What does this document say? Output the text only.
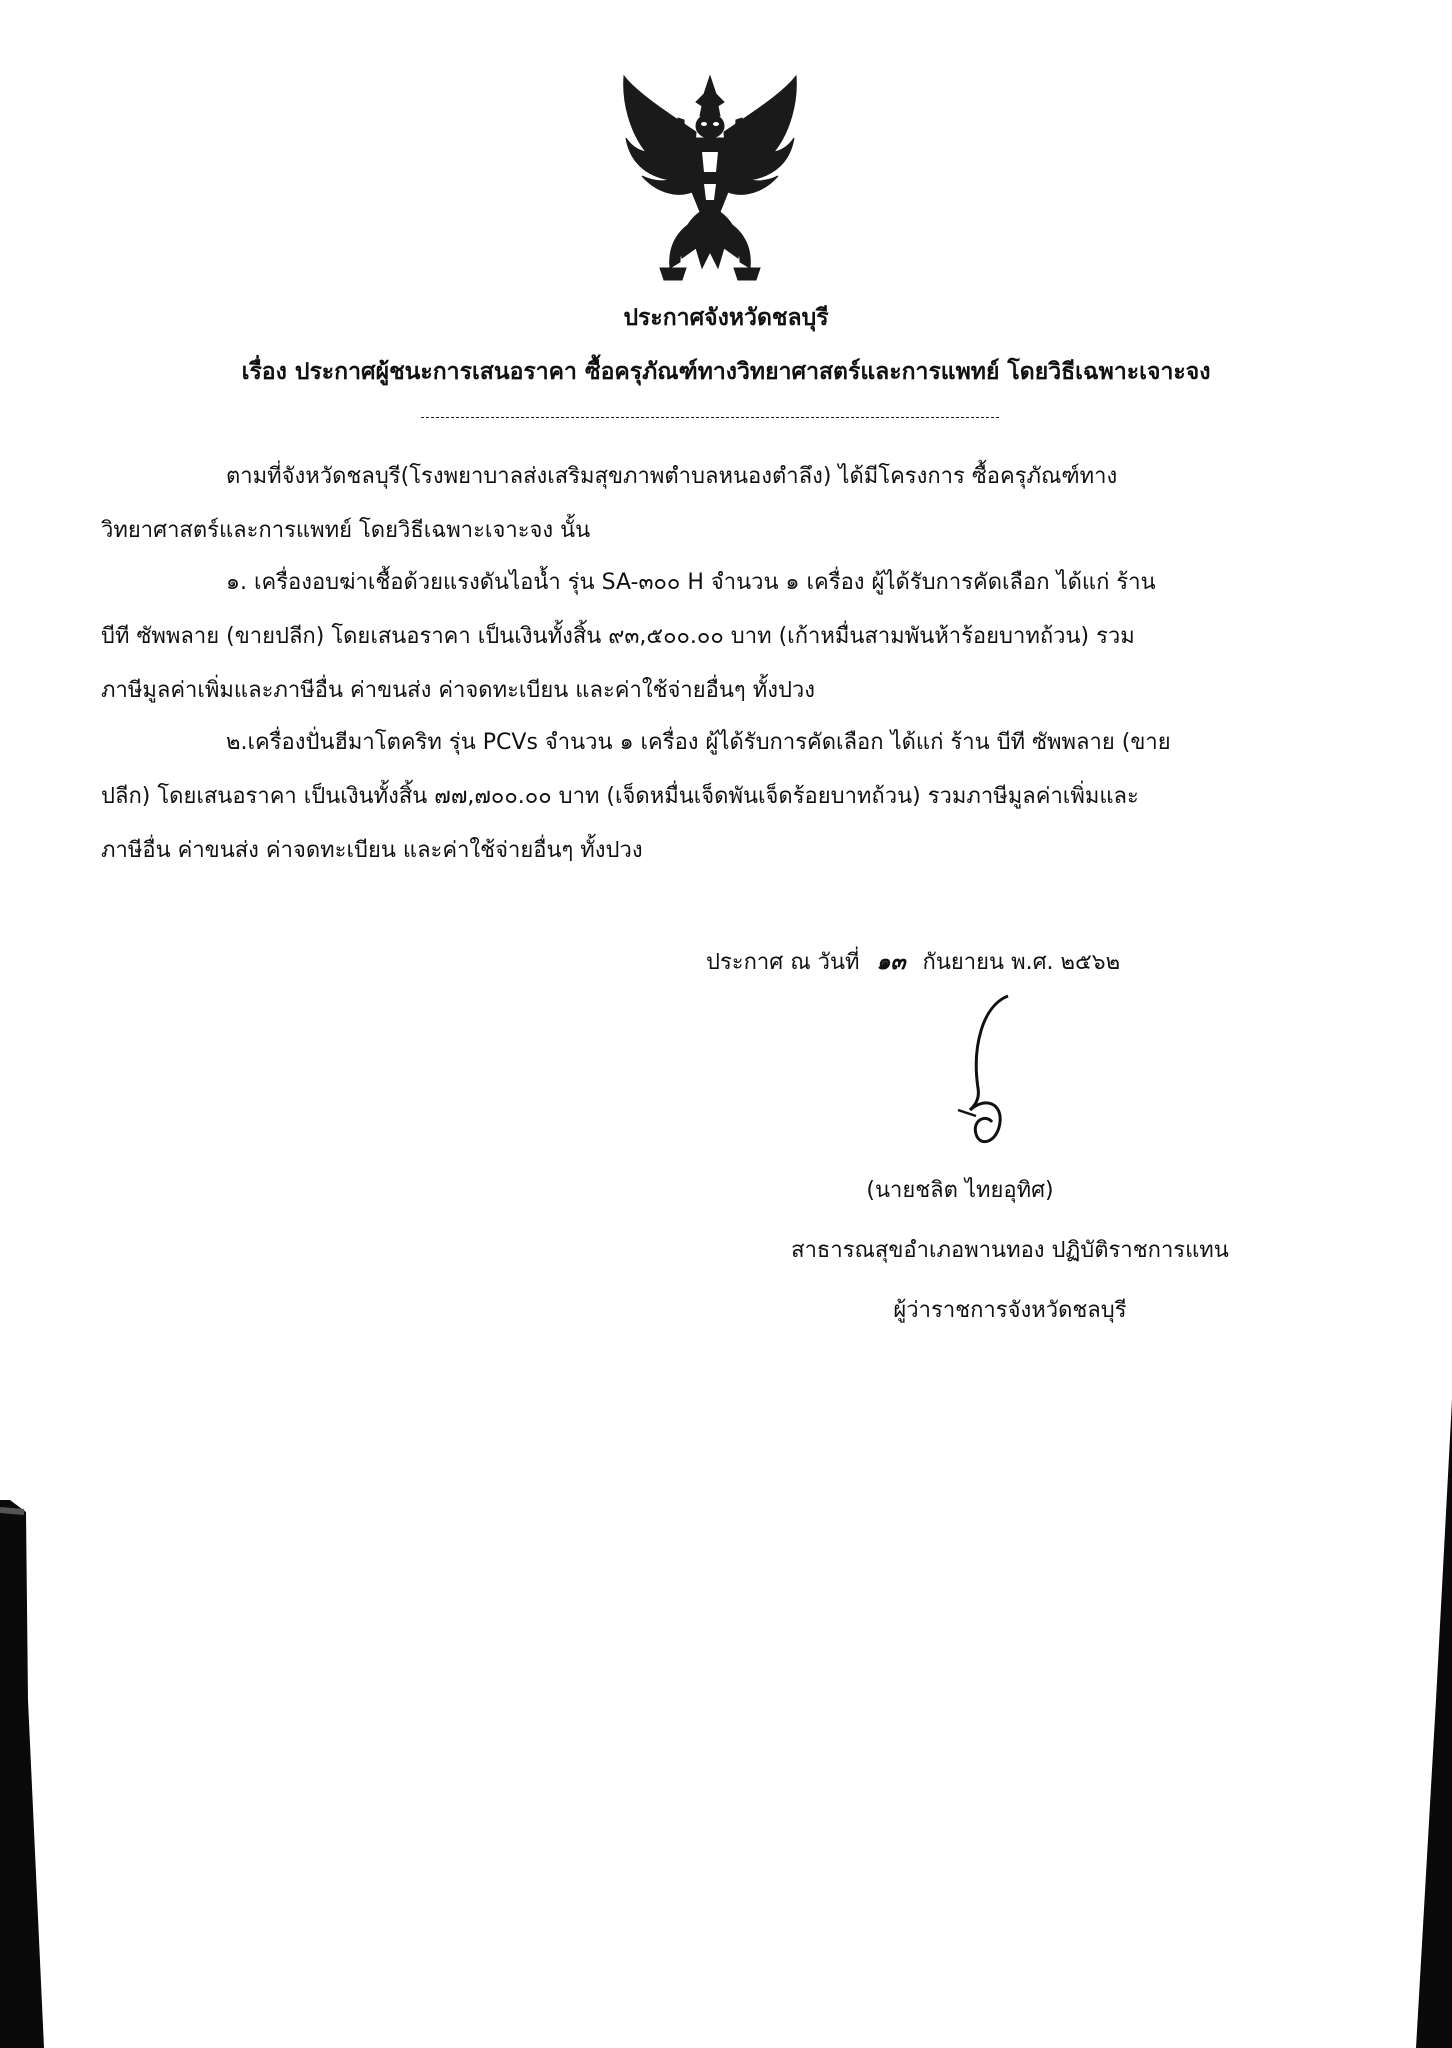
ประกาศจังหวัดชลบุรี
เรื่อง ประกาศผู้ชนะการเสนอราคา ซื้อครุภัณฑ์ทางวิทยาศาสตร์และการแพทย์ โดยวิธีเฉพาะเจาะจง
ตามที่จังหวัดชลบุรี(โรงพยาบาลส่งเสริมสุขภาพตำบลหนองตำลึง) ได้มีโครงการ ซื้อครุภัณฑ์ทาง
วิทยาศาสตร์และการแพทย์ โดยวิธีเฉพาะเจาะจง นั้น
๑. เครื่องอบฆ่าเชื้อด้วยแรงดันไอน้ำ รุ่น SA-๓๐๐ H จำนวน ๑ เครื่อง ผู้ได้รับการคัดเลือก ได้แก่ ร้าน
บีที ซัพพลาย (ขายปลีก) โดยเสนอราคา เป็นเงินทั้งสิ้น ๙๓,๕๐๐.๐๐ บาท (เก้าหมื่นสามพันห้าร้อยบาทถ้วน) รวม
ภาษีมูลค่าเพิ่มและภาษีอื่น ค่าขนส่ง ค่าจดทะเบียน และค่าใช้จ่ายอื่นๆ ทั้งปวง
๒.เครื่องปั่นฮีมาโตคริท รุ่น PCVs จำนวน ๑ เครื่อง ผู้ได้รับการคัดเลือก ได้แก่ ร้าน บีที ซัพพลาย (ขาย
ปลีก) โดยเสนอราคา เป็นเงินทั้งสิ้น ๗๗,๗๐๐.๐๐ บาท (เจ็ดหมื่นเจ็ดพันเจ็ดร้อยบาทถ้วน) รวมภาษีมูลค่าเพิ่มและ
ภาษีอื่น ค่าขนส่ง ค่าจดทะเบียน และค่าใช้จ่ายอื่นๆ ทั้งปวง
ประกาศ ณ วันที่ ๑๓ กันยายน พ.ศ. ๒๕๖๒
(นายชลิต ไทยอุทิศ)
สาธารณสุขอำเภอพานทอง ปฏิบัติราชการแทน
ผู้ว่าราชการจังหวัดชลบุรี
